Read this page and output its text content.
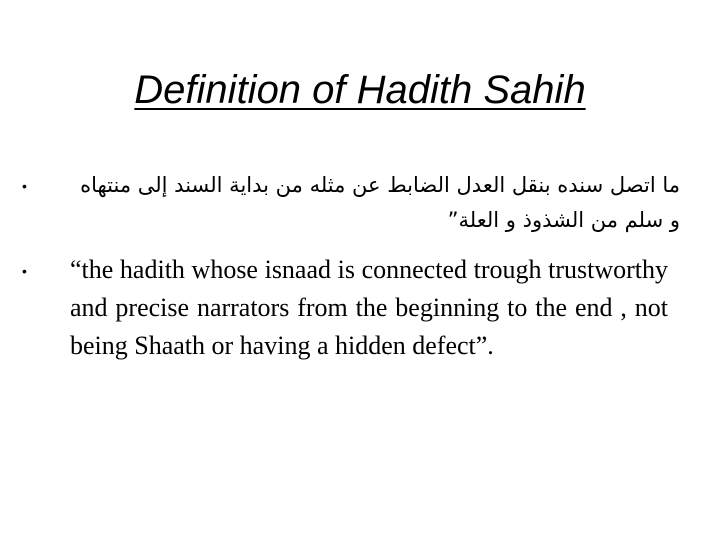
Definition of Hadith Sahih
•	ما اتصل سنده بنقل العدل الضابط عن مثله من بداية السند إلى منتهاه و سلم من الشذوذ و العلة”
•	“the hadith whose isnaad is connected trough trustworthy and precise narrators from the beginning to the end , not being Shaath or having a hidden defect”.
